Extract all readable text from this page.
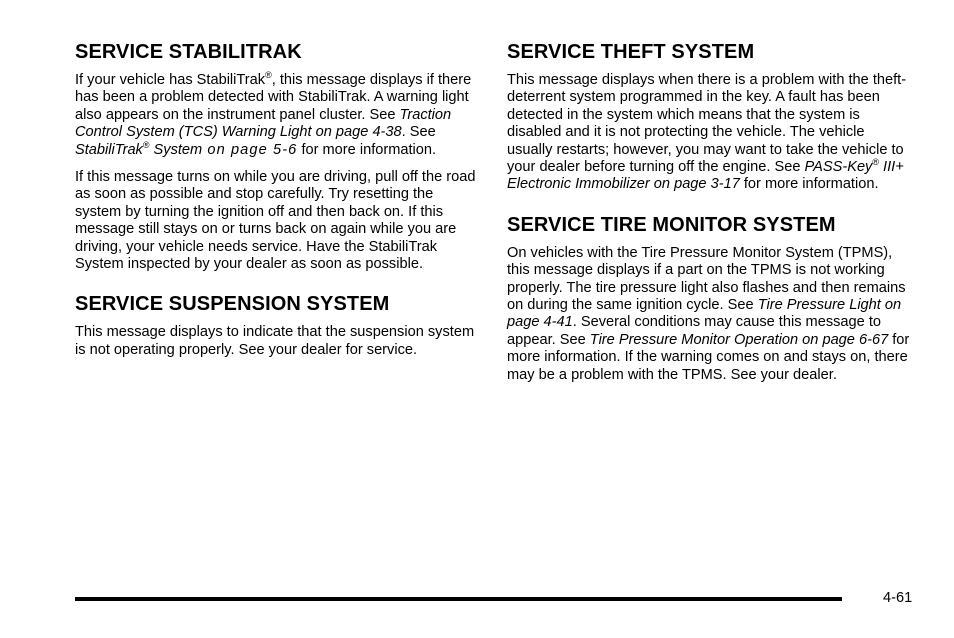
SERVICE STABILITRAK

If your vehicle has StabiliTrak®, this message displays if there has been a problem detected with StabiliTrak. A warning light also appears on the instrument panel cluster. See Traction Control System (TCS) Warning Light on page 4-38. See StabiliTrak® System on page 5-6 for more information.

If this message turns on while you are driving, pull off the road as soon as possible and stop carefully. Try resetting the system by turning the ignition off and then back on. If this message still stays on or turns back on again while you are driving, your vehicle needs service. Have the StabiliTrak System inspected by your dealer as soon as possible.

SERVICE SUSPENSION SYSTEM

This message displays to indicate that the suspension system is not operating properly. See your dealer for service.

SERVICE THEFT SYSTEM

This message displays when there is a problem with the theft-deterrent system programmed in the key. A fault has been detected in the system which means that the system is disabled and it is not protecting the vehicle. The vehicle usually restarts; however, you may want to take the vehicle to your dealer before turning off the engine. See PASS-Key® III+ Electronic Immobilizer on page 3-17 for more information.

SERVICE TIRE MONITOR SYSTEM

On vehicles with the Tire Pressure Monitor System (TPMS), this message displays if a part on the TPMS is not working properly. The tire pressure light also flashes and then remains on during the same ignition cycle. See Tire Pressure Light on page 4-41. Several conditions may cause this message to appear. See Tire Pressure Monitor Operation on page 6-67 for more information. If the warning comes on and stays on, there may be a problem with the TPMS. See your dealer.

4-61
